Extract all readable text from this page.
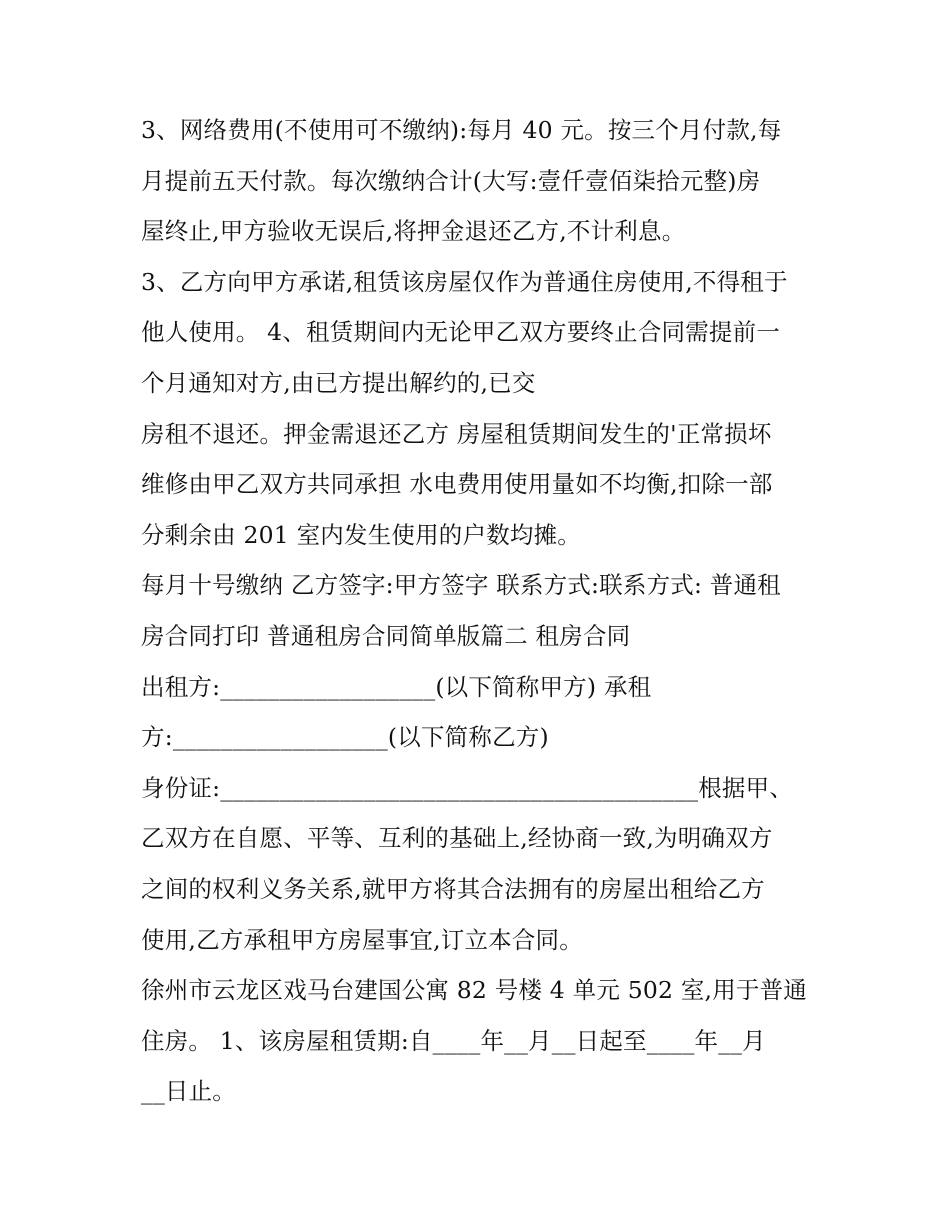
3、网络费用(不使用可不缴纳):每月 40 元。按三个月付款,每
月提前五天付款。每次缴纳合计(大写:壹仟壹佰柒拾元整)房
屋终止,甲方验收无误后,将押金退还乙方,不计利息。
3、乙方向甲方承诺,租赁该房屋仅作为普通住房使用,不得租于
他人使用。 4、租赁期间内无论甲乙双方要终止合同需提前一
个月通知对方,由已方提出解约的,已交
房租不退还。押金需退还乙方 房屋租赁期间发生的'正常损坏
维修由甲乙双方共同承担 水电费用使用量如不均衡,扣除一部
分剩余由 201 室内发生使用的户数均摊。
每月十号缴纳 乙方签字:甲方签字 联系方式:联系方式: 普通租
房合同打印 普通租房合同简单版篇二 租房合同
出租方:__________________(以下简称甲方) 承租
方:__________________(以下简称乙方)
身份证:________________________________________根据甲、
乙双方在自愿、平等、互利的基础上,经协商一致,为明确双方
之间的权利义务关系,就甲方将其合法拥有的房屋出租给乙方
使用,乙方承租甲方房屋事宜,订立本合同。
徐州市云龙区戏马台建国公寓 82 号楼 4 单元 502 室,用于普通
住房。 1、该房屋租赁期:自____年__月__日起至____年__月
__日止。
